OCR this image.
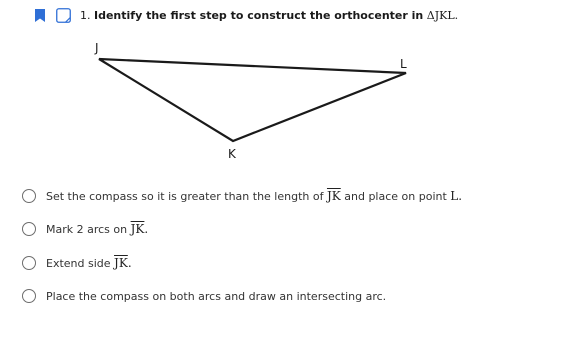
1. Identify the first step to construct the orthocenter in ΔJKL.
J
L
K
Set the compass so it is greater than the length of $\overline{JK}$ and place on point L.
Mark 2 arcs on $\overline{JK}$.
Extend side $\overline{JK}$.
Place the compass on both arcs and draw an intersecting arc.
